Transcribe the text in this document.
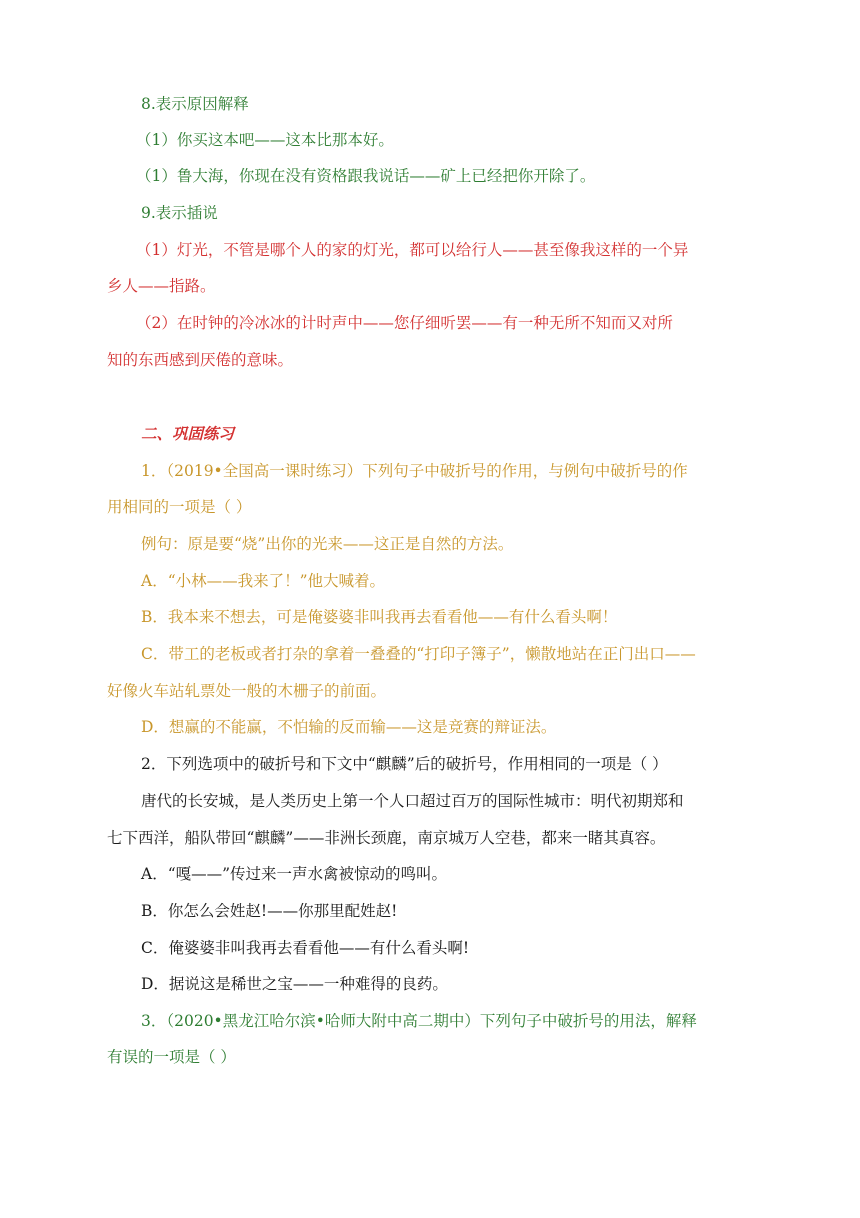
8.表示原因解释
（1）你买这本吧——这本比那本好。
（1）鲁大海，你现在没有资格跟我说话——矿上已经把你开除了。
9.表示插说
（1）灯光，不管是哪个人的家的灯光，都可以给行人——甚至像我这样的一个异
乡人——指路。
（2）在时钟的冷冰冰的计时声中——您仔细听罢——有一种无所不知而又对所
知的东西感到厌倦的意味。
二、巩固练习
1．（2019•全国高一课时练习）下列句子中破折号的作用，与例句中破折号的作
用相同的一项是（ ）
例句：原是要“烧”出你的光来——这正是自然的方法。
A．“小林——我来了！”他大喊着。
B．我本来不想去，可是俺婆婆非叫我再去看看他——有什么看头啊！
C．带工的老板或者打杂的拿着一叠叠的“打印子簿子”，懒散地站在正门出口——
好像火车站轧票处一般的木栅子的前面。
D．想赢的不能赢，不怕输的反而输——这是竞赛的辩证法。
2．下列选项中的破折号和下文中“麒麟”后的破折号，作用相同的一项是（ ）
唐代的长安城，是人类历史上第一个人口超过百万的国际性城市：明代初期郑和
七下西洋，船队带回“麒麟”——非洲长颈鹿，南京城万人空巷，都来一睹其真容。
A．“嘎——”传过来一声水禽被惊动的鸣叫。
B．你怎么会姓赵!——你那里配姓赵!
C．俺婆婆非叫我再去看看他——有什么看头啊!
D．据说这是稀世之宝——一种难得的良药。
3．（2020•黑龙江哈尔滨•哈师大附中高二期中）下列句子中破折号的用法，解释
有误的一项是（ ）
